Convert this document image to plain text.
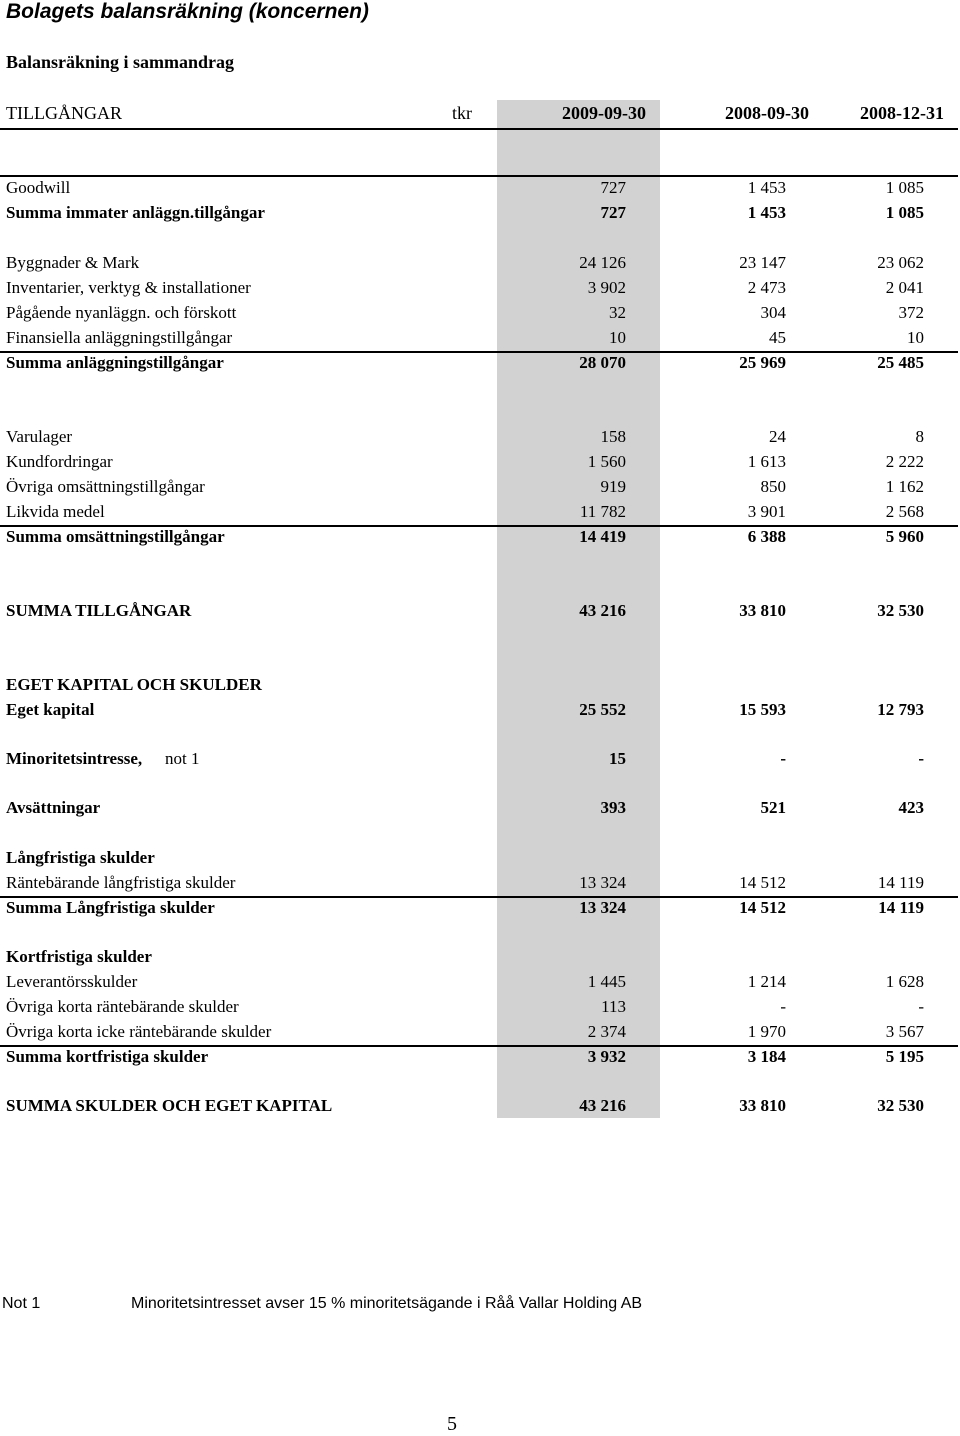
Bolagets balansräkning (koncernen)
Balansräkning i sammandrag
TILLGÅNGAR	tkr	2009-09-30	2008-09-30	2008-12-31
Goodwill	727	1 453	1 085
Summa immater anläggn.tillgångar	727	1 453	1 085
Byggnader & Mark	24 126	23 147	23 062
Inventarier, verktyg & installationer	3 902	2 473	2 041
Pågående nyanläggn. och förskott	32	304	372
Finansiella anläggningstillgångar	10	45	10
Summa anläggningstillgångar	28 070	25 969	25 485
Varulager	158	24	8
Kundfordringar	1 560	1 613	2 222
Övriga omsättningstillgångar	919	850	1 162
Likvida medel	11 782	3 901	2 568
Summa omsättningstillgångar	14 419	6 388	5 960
SUMMA TILLGÅNGAR	43 216	33 810	32 530
EGET KAPITAL OCH SKULDER
Eget kapital	25 552	15 593	12 793
Minoritetsintresse, not 1	15	-	-
Avsättningar	393	521	423
Långfristiga skulder
Räntebärande långfristiga skulder	13 324	14 512	14 119
Summa Långfristiga skulder	13 324	14 512	14 119
Kortfristiga skulder
Leverantörsskulder	1 445	1 214	1 628
Övriga korta räntebärande skulder	113	-	-
Övriga korta icke räntebärande skulder	2 374	1 970	3 567
Summa kortfristiga skulder	3 932	3 184	5 195
SUMMA SKULDER OCH EGET KAPITAL	43 216	33 810	32 530
Not 1	Minoritetsintresset avser 15 % minoritetsägande i Råå Vallar Holding AB
5
